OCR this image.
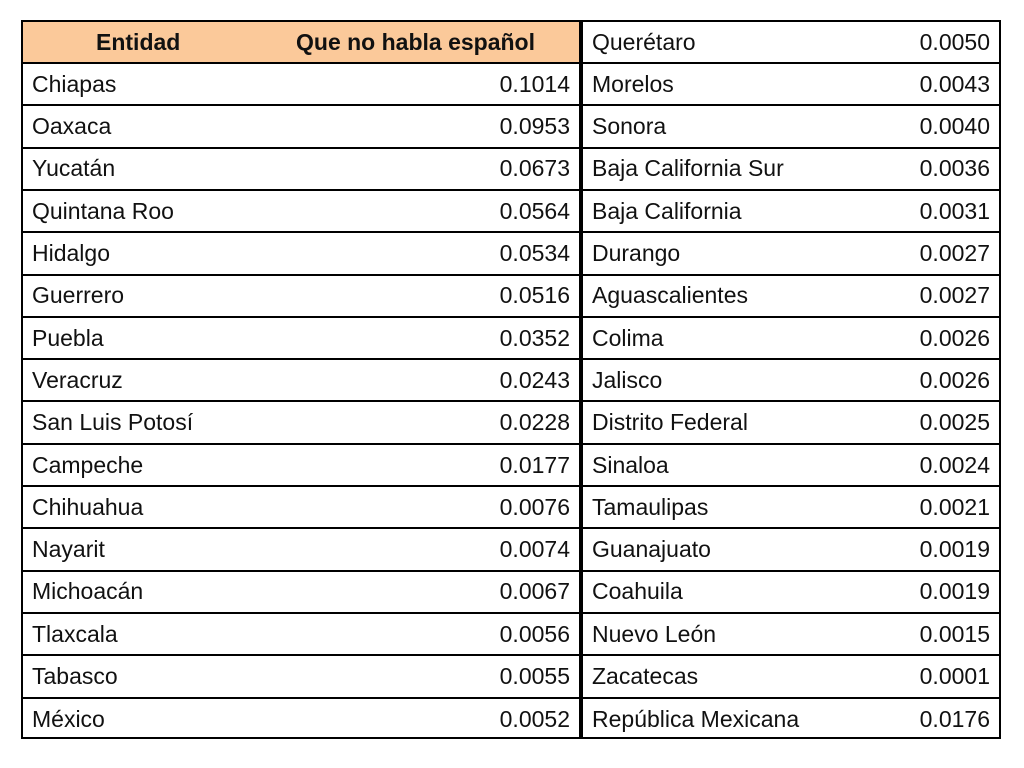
Entidad	Que no habla español
Chiapas	0.1014
Oaxaca	0.0953
Yucatán	0.0673
Quintana Roo	0.0564
Hidalgo	0.0534
Guerrero	0.0516
Puebla	0.0352
Veracruz	0.0243
San Luis Potosí	0.0228
Campeche	0.0177
Chihuahua	0.0076
Nayarit	0.0074
Michoacán	0.0067
Tlaxcala	0.0056
Tabasco	0.0055
México	0.0052
Querétaro	0.0050
Morelos	0.0043
Sonora	0.0040
Baja California Sur	0.0036
Baja California	0.0031
Durango	0.0027
Aguascalientes	0.0027
Colima	0.0026
Jalisco	0.0026
Distrito Federal	0.0025
Sinaloa	0.0024
Tamaulipas	0.0021
Guanajuato	0.0019
Coahuila	0.0019
Nuevo León	0.0015
Zacatecas	0.0001
República Mexicana	0.0176
